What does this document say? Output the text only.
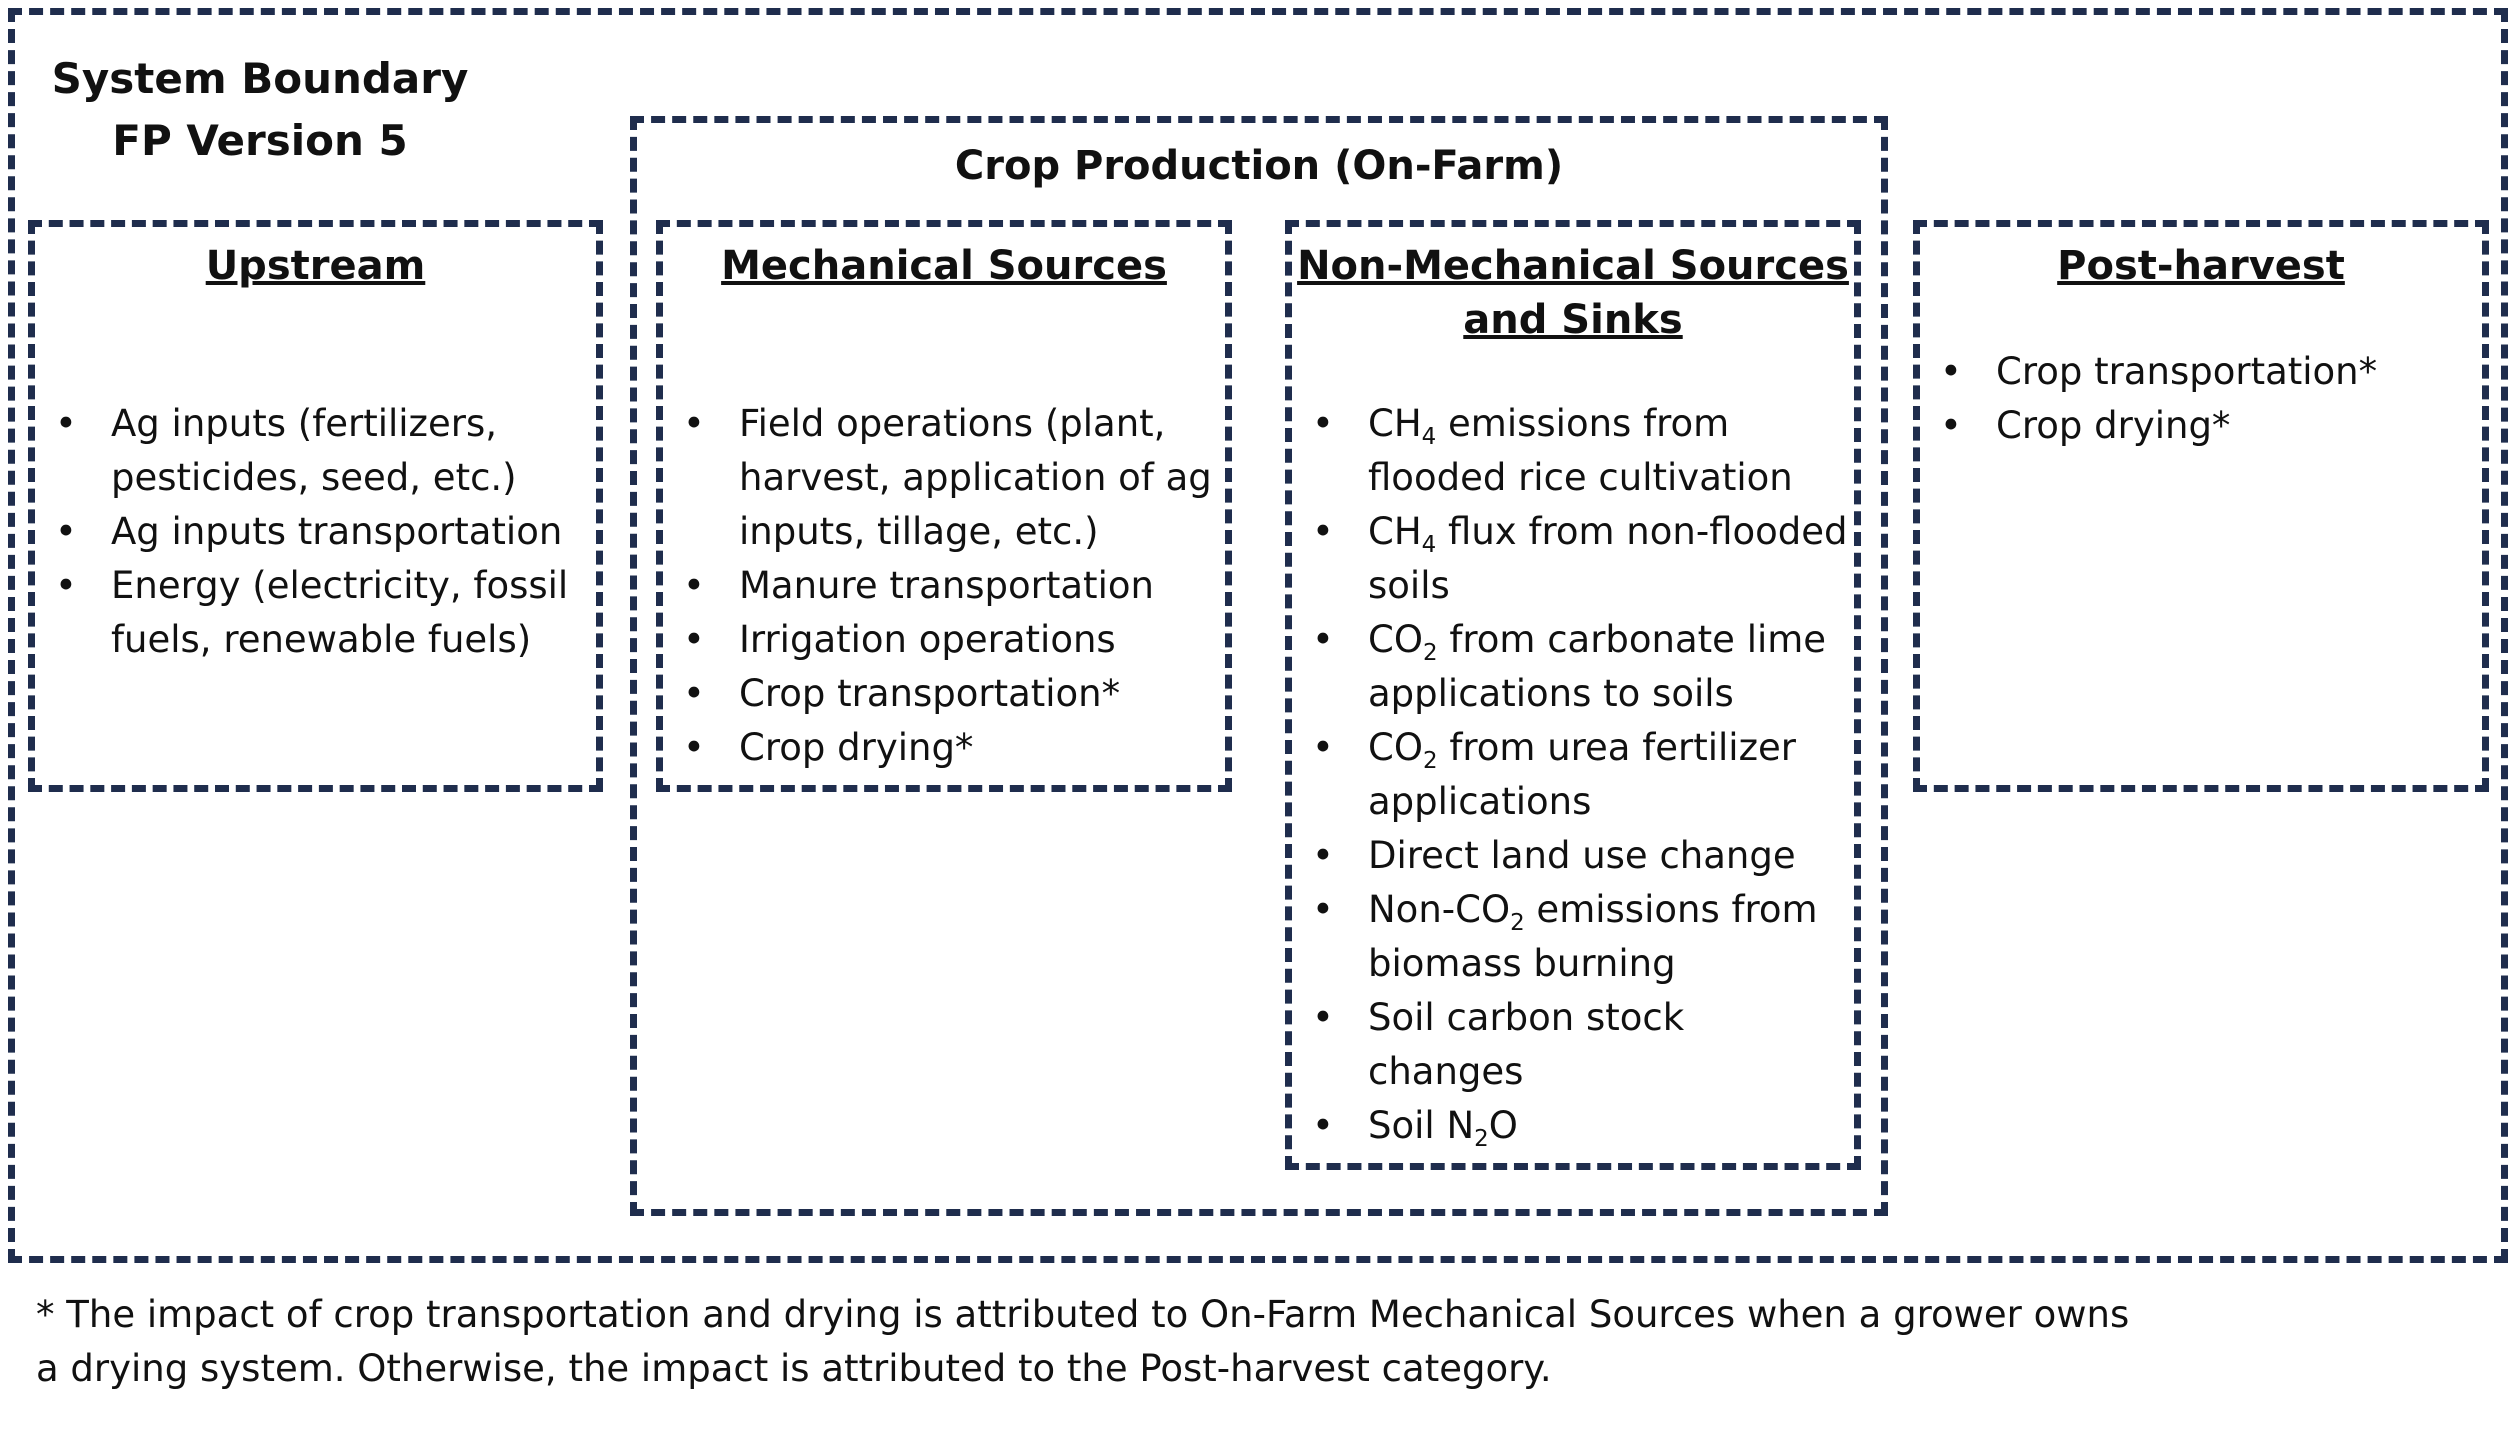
System Boundary
FP Version 5
Crop Production (On-Farm)
Upstream
• Ag inputs (fertilizers, pesticides, seed, etc.)
• Ag inputs transportation
• Energy (electricity, fossil fuels, renewable fuels)
Mechanical Sources
• Field operations (plant, harvest, application of ag inputs, tillage, etc.)
• Manure transportation
• Irrigation operations
• Crop transportation*
• Crop drying*
Non-Mechanical Sources
and Sinks
• $CH_4$ emissions from flooded rice cultivation
• $CH_4$ flux from non-flooded soils
• $CO_2$ from carbonate lime applications to soils
• $CO_2$ from urea fertilizer applications
• Direct land use change
• Non-$CO_2$ emissions from biomass burning
• Soil carbon stock changes
• Soil $N_2O$
Post-harvest
• Crop transportation*
• Crop drying*
* The impact of crop transportation and drying is attributed to On-Farm Mechanical Sources when a grower owns a drying system. Otherwise, the impact is attributed to the Post-harvest category.
